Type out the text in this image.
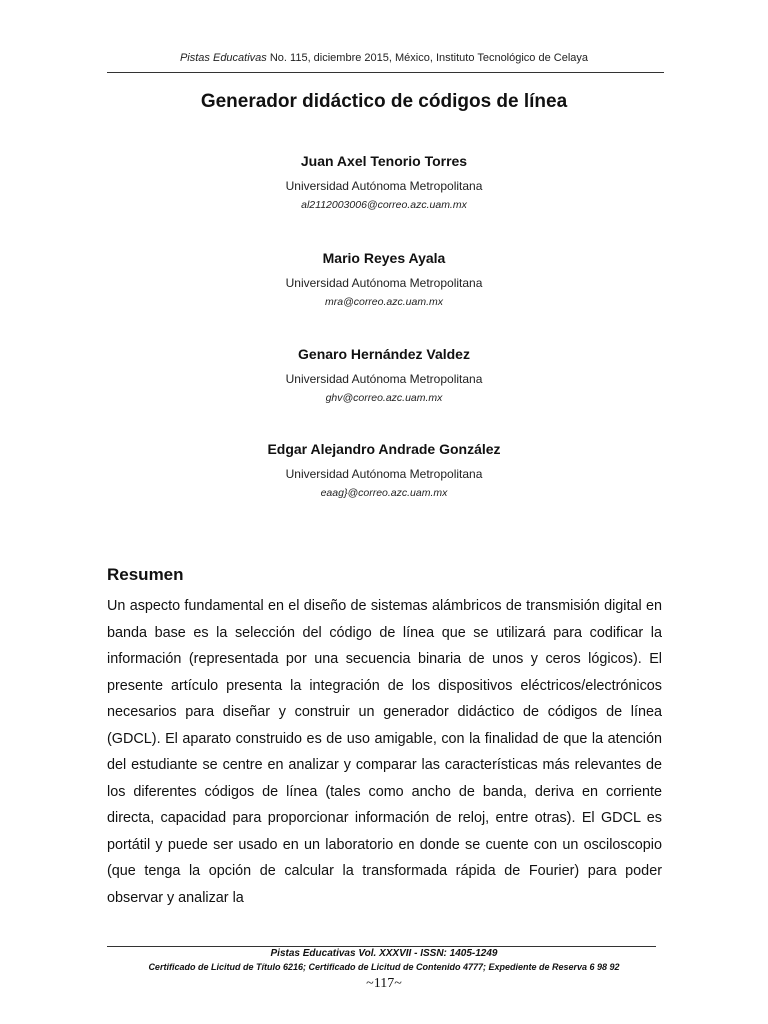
Pistas Educativas No. 115, diciembre 2015, México, Instituto Tecnológico de Celaya
Generador didáctico de códigos de línea
Juan Axel Tenorio Torres
Universidad Autónoma Metropolitana
al2112003006@correo.azc.uam.mx
Mario Reyes Ayala
Universidad Autónoma Metropolitana
mra@correo.azc.uam.mx
Genaro Hernández Valdez
Universidad Autónoma Metropolitana
ghv@correo.azc.uam.mx
Edgar Alejandro Andrade González
Universidad Autónoma Metropolitana
eaag}@correo.azc.uam.mx
Resumen
Un aspecto fundamental en el diseño de sistemas alámbricos de transmisión digital en banda base es la selección del código de línea que se utilizará para codificar la información (representada por una secuencia binaria de unos y ceros lógicos). El presente artículo presenta la integración de los dispositivos eléctricos/electrónicos necesarios para diseñar y construir un generador didáctico de códigos de línea (GDCL). El aparato construido es de uso amigable, con la finalidad de que la atención del estudiante se centre en analizar y comparar las características más relevantes de los diferentes códigos de línea (tales como ancho de banda, deriva en corriente directa, capacidad para proporcionar información de reloj, entre otras). El GDCL es portátil y puede ser usado en un laboratorio en donde se cuente con un osciloscopio (que tenga la opción de calcular la transformada rápida de Fourier) para poder observar y analizar la
Pistas Educativas Vol. XXXVII - ISSN: 1405-1249
Certificado de Licitud de Título 6216; Certificado de Licitud de Contenido 4777; Expediente de Reserva 6 98 92
~117~
